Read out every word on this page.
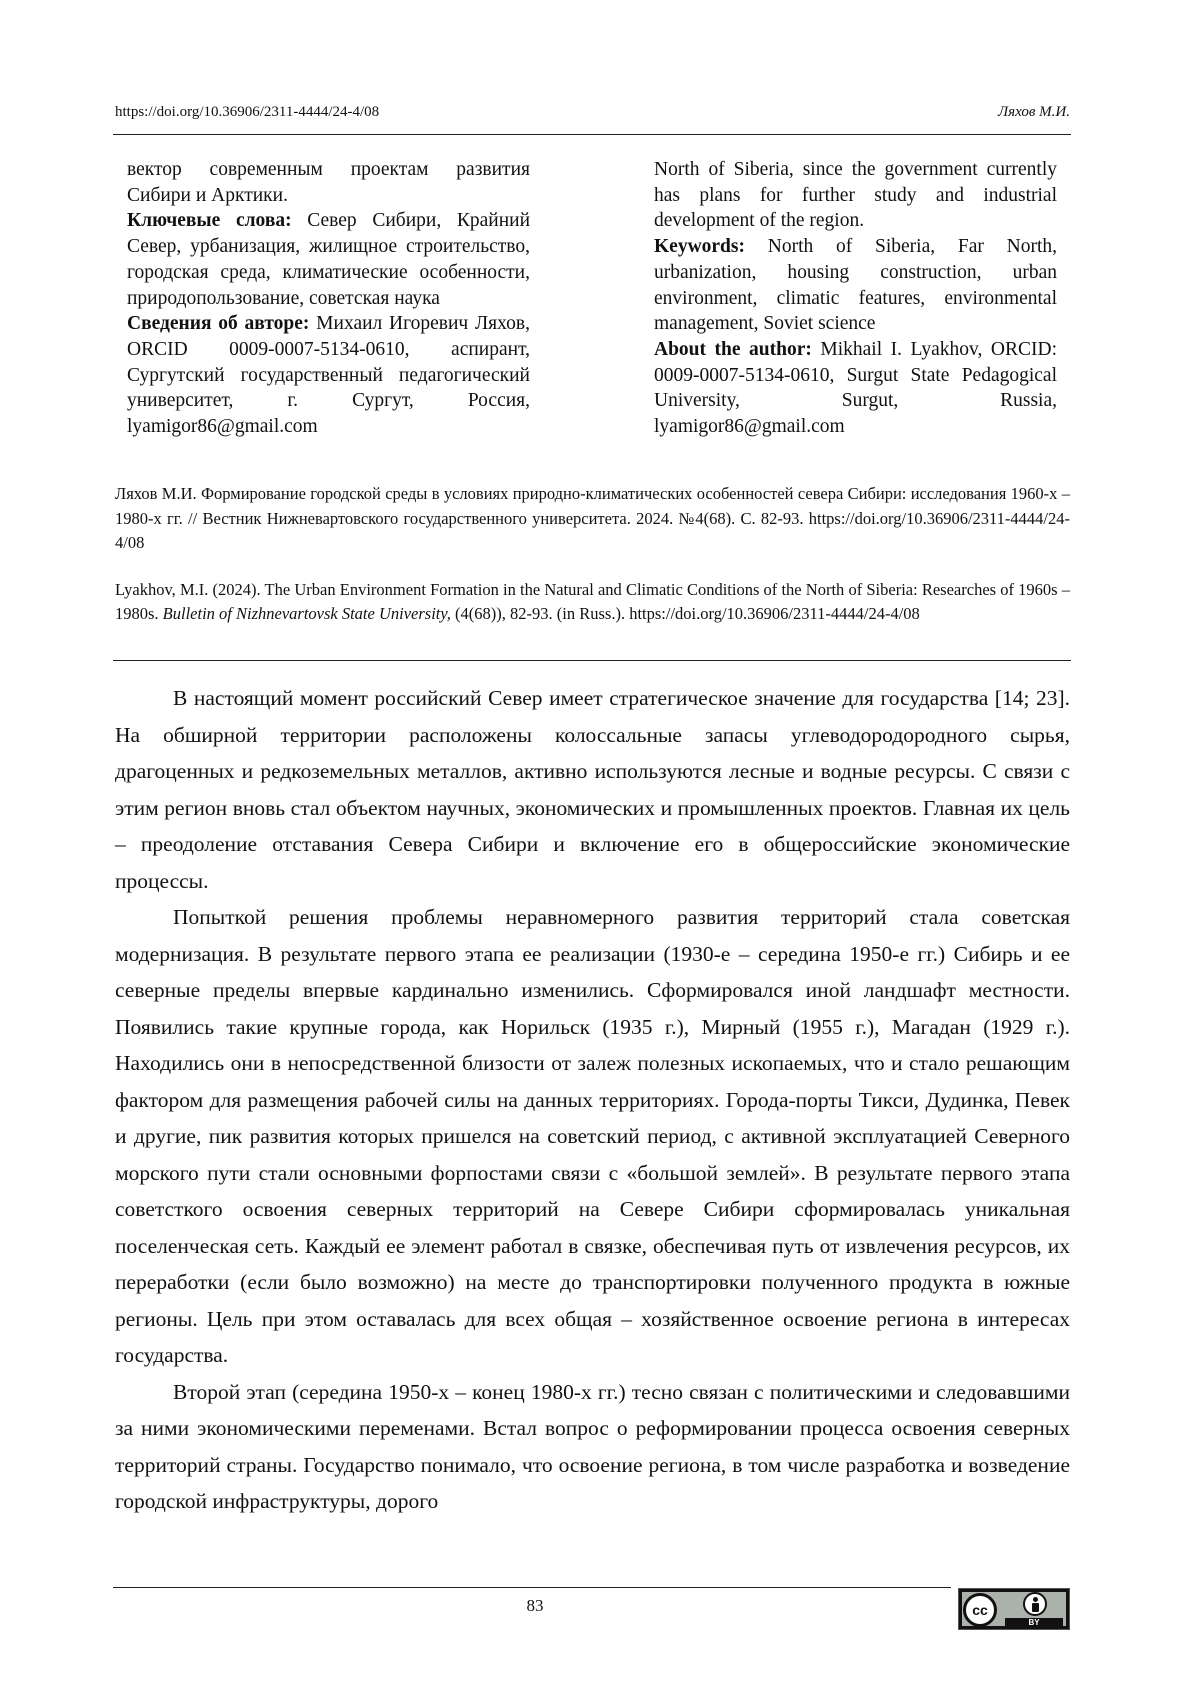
https://doi.org/10.36906/2311-4444/24-4/08	Ляхов М.И.

вектор современным проектам развития Сибири и Арктики.

Ключевые слова: Север Сибири, Крайний Север, урбанизация, жилищное строительство, городская среда, климатические особенности, природопользование, советская наука

Сведения об авторе: Михаил Игоревич Ляхов, ORCID 0009-0007-5134-0610, аспирант, Сургутский государственный педагогический университет, г. Сургут, Россия, lyamigor86@gmail.com

North of Siberia, since the government currently has plans for further study and industrial development of the region.

Keywords: North of Siberia, Far North, urbanization, housing construction, urban environment, climatic features, environmental management, Soviet science

About the author: Mikhail I. Lyakhov, ORCID: 0009-0007-5134-0610, Surgut State Pedagogical University, Surgut, Russia, lyamigor86@gmail.com

Ляхов М.И. Формирование городской среды в условиях природно-климатических особенностей севера Сибири: исследования 1960-х – 1980-х гг. // Вестник Нижневартовского государственного университета. 2024. №4(68). С. 82-93. https://doi.org/10.36906/2311-4444/24-4/08

Lyakhov, M.I. (2024). The Urban Environment Formation in the Natural and Climatic Conditions of the North of Siberia: Researches of 1960s – 1980s. Bulletin of Nizhnevartovsk State University, (4(68)), 82-93. (in Russ.). https://doi.org/10.36906/2311-4444/24-4/08

В настоящий момент российский Север имеет стратегическое значение для государства [14; 23]. На обширной территории расположены колоссальные запасы углеводородородного сырья, драгоценных и редкоземельных металлов, активно используются лесные и водные ресурсы. С связи с этим регион вновь стал объектом научных, экономических и промышленных проектов. Главная их цель – преодоление отставания Севера Сибири и включение его в общероссийские экономические процессы.

Попыткой решения проблемы неравномерного развития территорий стала советская модернизация. В результате первого этапа ее реализации (1930-е – середина 1950-е гг.) Сибирь и ее северные пределы впервые кардинально изменились. Сформировался иной ландшафт местности. Появились такие крупные города, как Норильск (1935 г.), Мирный (1955 г.), Магадан (1929 г.). Находились они в непосредственной близости от залеж полезных ископаемых, что и стало решающим фактором для размещения рабочей силы на данных территориях. Города-порты Тикси, Дудинка, Певек и другие, пик развития которых пришелся на советский период, с активной эксплуатацией Северного морского пути стали основными форпостами связи с «большой землей». В результате первого этапа советсткого освоения северных территорий на Севере Сибири сформировалась уникальная поселенческая сеть. Каждый ее элемент работал в связке, обеспечивая путь от извлечения ресурсов, их переработки (если было возможно) на месте до транспортировки полученного продукта в южные регионы. Цель при этом оставалась для всех общая – хозяйственное освоение региона в интересах государства.

Второй этап (середина 1950-х – конец 1980-х гг.) тесно связан с политическими и следовавшими за ними экономическими переменами. Встал вопрос о реформировании процесса освоения северных территорий страны. Государство понимало, что освоение региона, в том числе разработка и возведение городской инфраструктуры, дорого

83	cc
BY
